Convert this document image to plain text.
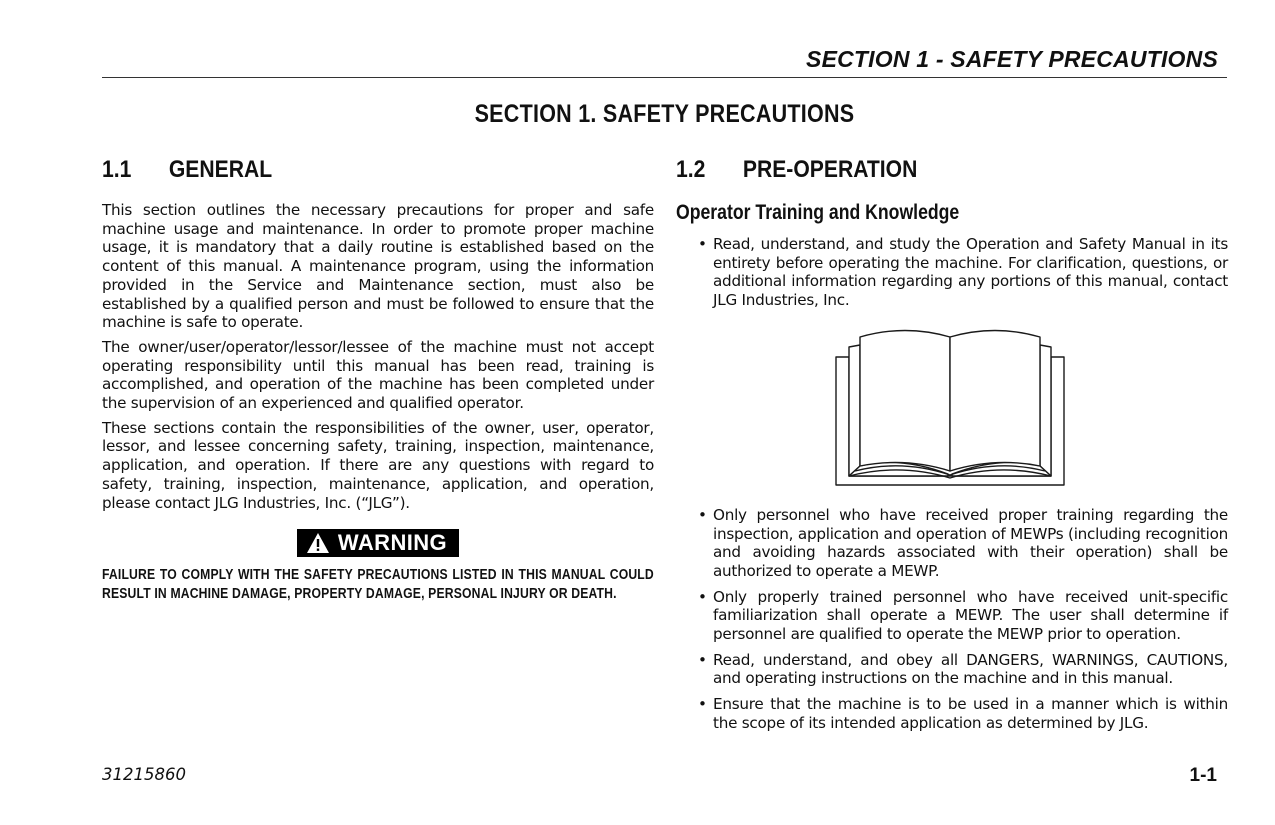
SECTION 1 - SAFETY PRECAUTIONS
SECTION 1. SAFETY PRECAUTIONS
1.1	GENERAL

This section outlines the necessary precautions for proper and safe machine usage and maintenance. In order to promote proper machine usage, it is mandatory that a daily routine is established based on the content of this manual. A maintenance program, using the information provided in the Service and Maintenance section, must also be established by a qualified person and must be followed to ensure that the machine is safe to operate.

The owner/user/operator/lessor/lessee of the machine must not accept operating responsibility until this manual has been read, training is accomplished, and operation of the machine has been completed under the supervision of an experienced and qualified operator.

These sections contain the responsibilities of the owner, user, operator, lessor, and lessee concerning safety, training, inspection, maintenance, application, and operation. If there are any questions with regard to safety, training, inspection, maintenance, application, and operation, please contact JLG Industries, Inc. (“JLG”).

WARNING
FAILURE TO COMPLY WITH THE SAFETY PRECAUTIONS LISTED IN THIS MANUAL COULD RESULT IN MACHINE DAMAGE, PROPERTY DAMAGE, PERSONAL INJURY OR DEATH.
1.2	PRE-OPERATION
Operator Training and Knowledge
• Read, understand, and study the Operation and Safety Manual in its entirety before operating the machine. For clarification, questions, or additional information regarding any portions of this manual, contact JLG Industries, Inc.
• Only personnel who have received proper training regarding the inspection, application and operation of MEWPs (including recognition and avoiding hazards associated with their operation) shall be authorized to operate a MEWP.
• Only properly trained personnel who have received unit-specific familiarization shall operate a MEWP. The user shall determine if personnel are qualified to operate the MEWP prior to operation.
• Read, understand, and obey all DANGERS, WARNINGS, CAUTIONS, and operating instructions on the machine and in this manual.
• Ensure that the machine is to be used in a manner which is within the scope of its intended application as determined by JLG.
31215860	1-1
